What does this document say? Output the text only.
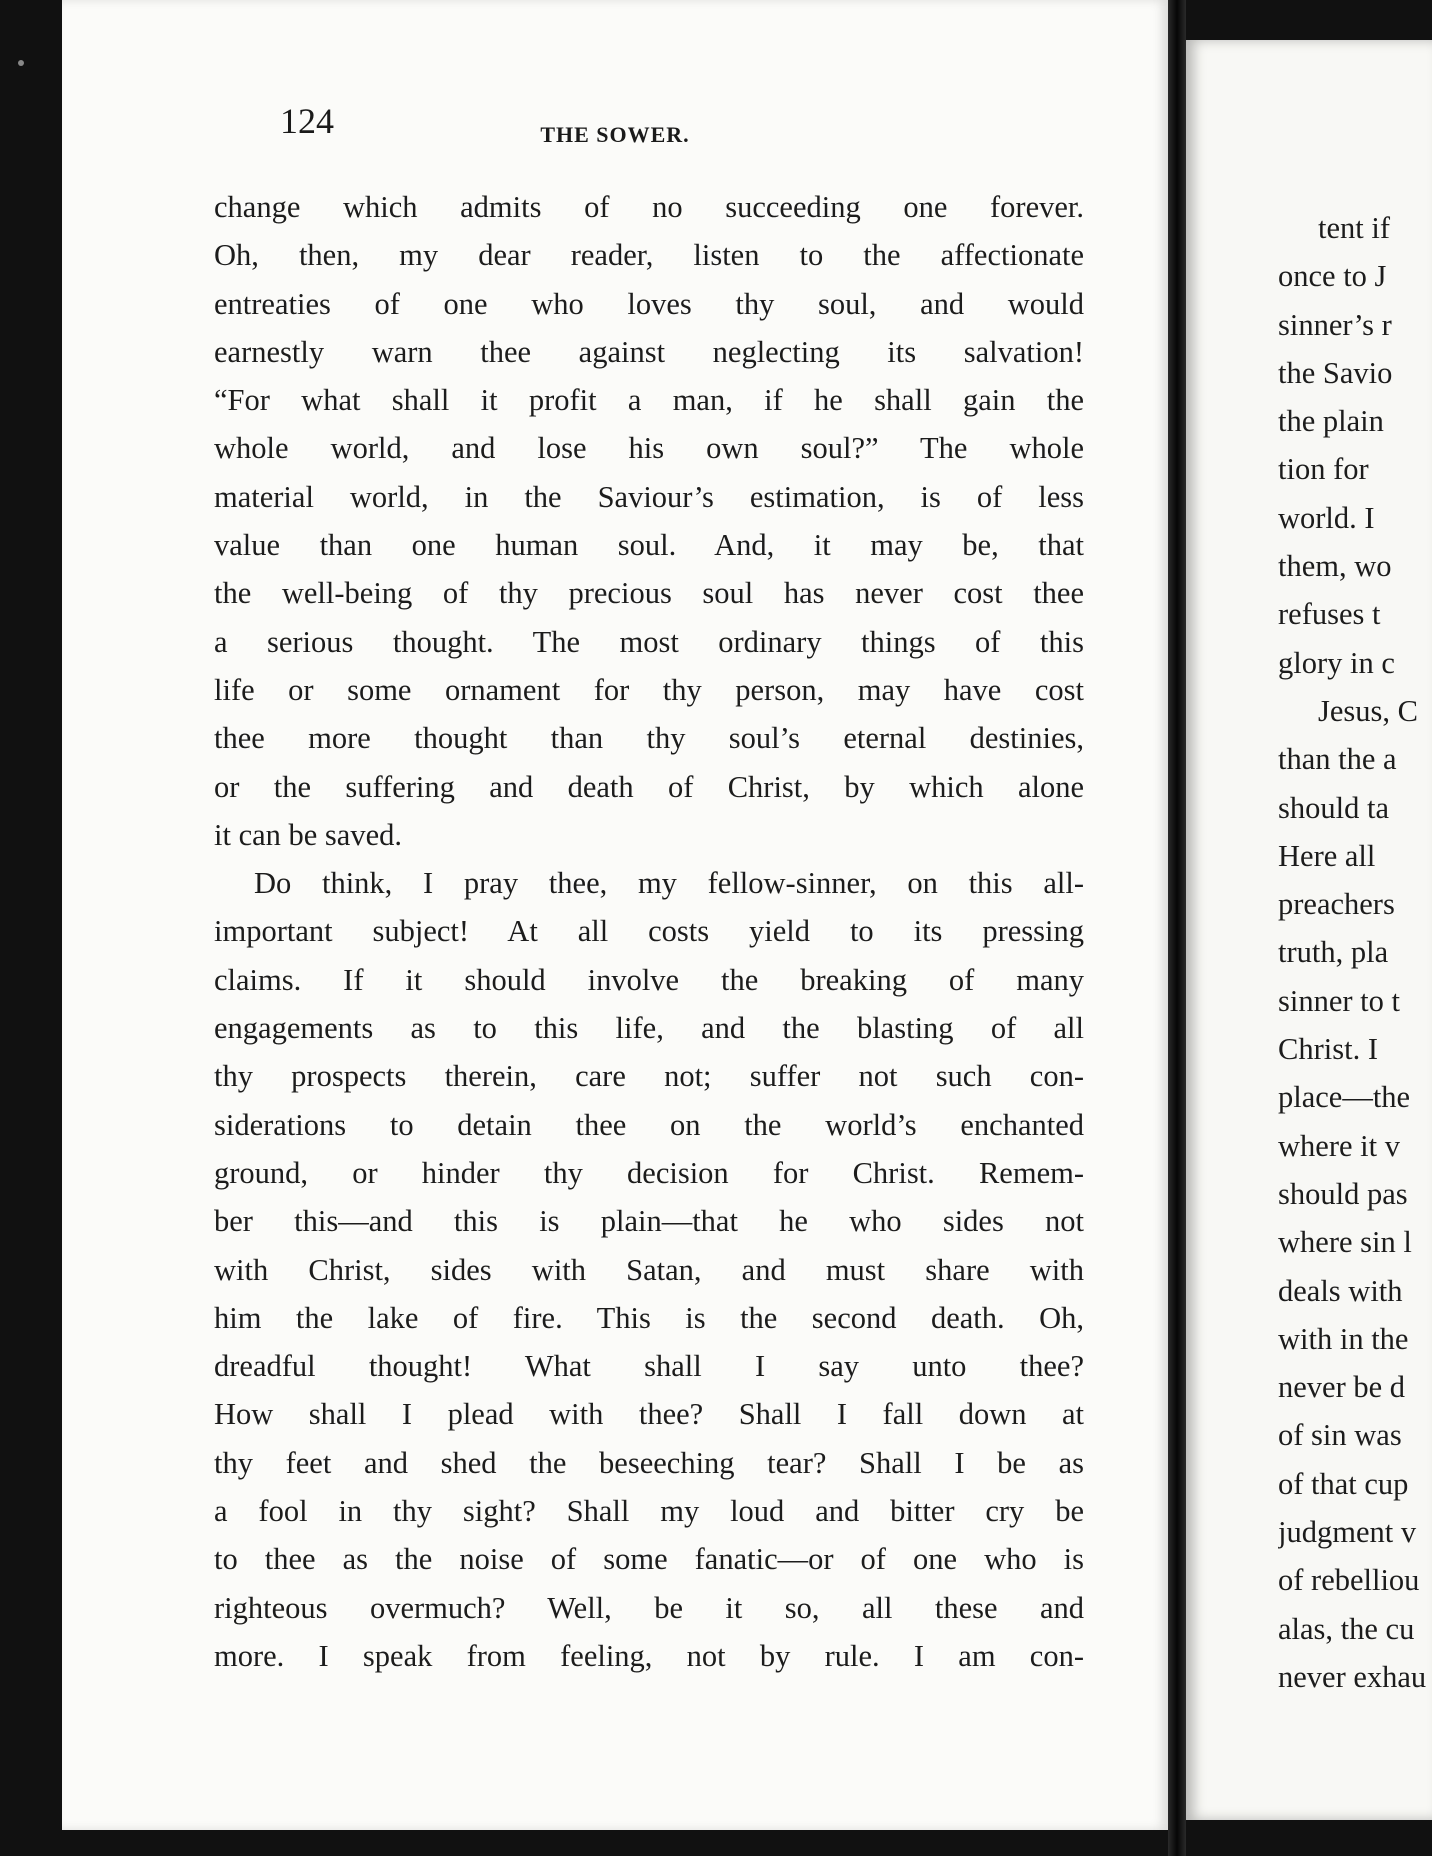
124	THE SOWER.
change which admits of no succeeding one forever.
Oh, then, my dear reader, listen to the affectionate
entreaties of one who loves thy soul, and would
earnestly warn thee against neglecting its salvation!
“For what shall it profit a man, if he shall gain the
whole world, and lose his own soul?” The whole
material world, in the Saviour’s estimation, is of less
value than one human soul. And, it may be, that
the well-being of thy precious soul has never cost thee
a serious thought. The most ordinary things of this
life or some ornament for thy person, may have cost
thee more thought than thy soul’s eternal destinies,
or the suffering and death of Christ, by which alone
it can be saved.
Do think, I pray thee, my fellow-sinner, on this all-
important subject! At all costs yield to its pressing
claims. If it should involve the breaking of many
engagements as to this life, and the blasting of all
thy prospects therein, care not; suffer not such con-
siderations to detain thee on the world’s enchanted
ground, or hinder thy decision for Christ. Remem-
ber this—and this is plain—that he who sides not
with Christ, sides with Satan, and must share with
him the lake of fire. This is the second death. Oh,
dreadful thought! What shall I say unto thee?
How shall I plead with thee? Shall I fall down at
thy feet and shed the beseeching tear? Shall I be as
a fool in thy sight? Shall my loud and bitter cry be
to thee as the noise of some fanatic—or of one who is
righteous overmuch? Well, be it so, all these and
more. I speak from feeling, not by rule. I am con-
tent if
once to J
sinner’s r
the Savio
the plain
tion for
world. I
them, wo
refuses t
glory in c
Jesus, C
than the a
should ta
Here all
preachers
truth, pla
sinner to t
Christ. I
place—the
where it v
should pas
where sin l
deals with
with in the
never be d
of sin was
of that cup
judgment v
of rebelliou
alas, the cu
never exhau
